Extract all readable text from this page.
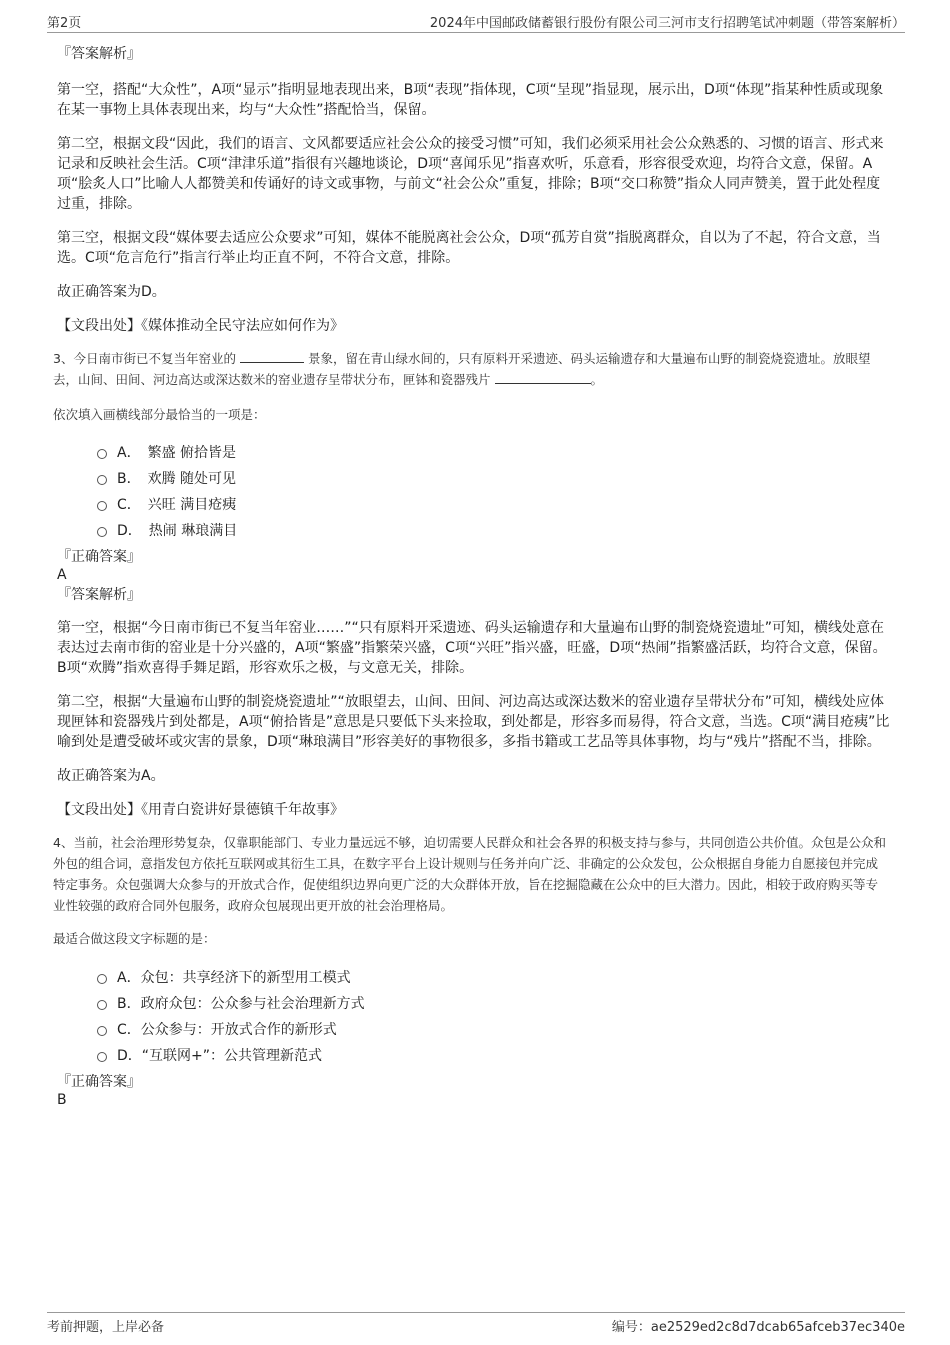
第2页	2024年中国邮政储蓄银行股份有限公司三河市支行招聘笔试冲刺题（带答案解析）
『答案解析』

第一空，搭配“大众性”，A项“显示”指明显地表现出来，B项“表现”指体现，C项“呈现”指显现，展示出，D项“体现”指某种性质或现象在某一事物上具体表现出来，均与“大众性”搭配恰当，保留。

第二空，根据文段“因此，我们的语言、文风都要适应社会公众的接受习惯”可知，我们必须采用社会公众熟悉的、习惯的语言、形式来记录和反映社会生活。C项“津津乐道”指很有兴趣地谈论，D项“喜闻乐见”指喜欢听，乐意看，形容很受欢迎，均符合文意，保留。A项“脍炙人口”比喻人人都赞美和传诵好的诗文或事物，与前文“社会公众”重复，排除；B项“交口称赞”指众人同声赞美，置于此处程度过重，排除。

第三空，根据文段“媒体要去适应公众要求”可知，媒体不能脱离社会公众，D项“孤芳自赏”指脱离群众，自以为了不起，符合文意，当选。C项“危言危行”指言行举止均正直不阿，不符合文意，排除。

故正确答案为D。

【文段出处】《媒体推动全民守法应如何作为》

3、今日南市街已不复当年窑业的	景象，留在青山绿水间的，只有原料开采遗迹、码头运输遗存和大量遍布山野的制瓷烧瓷遗址。放眼望去，山间、田间、河边高达或深达数米的窑业遗存呈带状分布，匣钵和瓷器残片	。

依次填入画横线部分最恰当的一项是：

A．　繁盛 俯拾皆是
B．　欢腾 随处可见
C．　兴旺 满目疮痍
D．　热闹 琳琅满目
『正确答案』
A
『答案解析』

第一空，根据“今日南市街已不复当年窑业……”“只有原料开采遗迹、码头运输遗存和大量遍布山野的制瓷烧瓷遗址”可知，横线处意在表达过去南市街的窑业是十分兴盛的，A项“繁盛”指繁荣兴盛，C项“兴旺”指兴盛，旺盛，D项“热闹”指繁盛活跃，均符合文意，保留。B项“欢腾”指欢喜得手舞足蹈，形容欢乐之极，与文意无关，排除。

第二空，根据“大量遍布山野的制瓷烧瓷遗址”“放眼望去，山间、田间、河边高达或深达数米的窑业遗存呈带状分布”可知，横线处应体现匣钵和瓷器残片到处都是，A项“俯拾皆是”意思是只要低下头来捡取，到处都是，形容多而易得，符合文意，当选。C项“满目疮痍”比喻到处是遭受破坏或灾害的景象，D项“琳琅满目”形容美好的事物很多，多指书籍或工艺品等具体事物，均与“残片”搭配不当，排除。

故正确答案为A。

【文段出处】《用青白瓷讲好景德镇千年故事》

4、当前，社会治理形势复杂，仅靠职能部门、专业力量远远不够，迫切需要人民群众和社会各界的积极支持与参与，共同创造公共价值。众包是公众和外包的组合词，意指发包方依托互联网或其衍生工具，在数字平台上设计规则与任务并向广泛、非确定的公众发包，公众根据自身能力自愿接包并完成特定事务。众包强调大众参与的开放式合作，促使组织边界向更广泛的大众群体开放，旨在挖掘隐藏在公众中的巨大潜力。因此，相较于政府购买等专业性较强的政府合同外包服务，政府众包展现出更开放的社会治理格局。

最适合做这段文字标题的是：

A．众包：共享经济下的新型用工模式
B．政府众包：公众参与社会治理新方式
C．公众参与：开放式合作的新形式
D．“互联网+”：公共管理新范式
『正确答案』
B
考前押题，上岸必备	编号：ae2529ed2c8d7dcab65afceb37ec340e
